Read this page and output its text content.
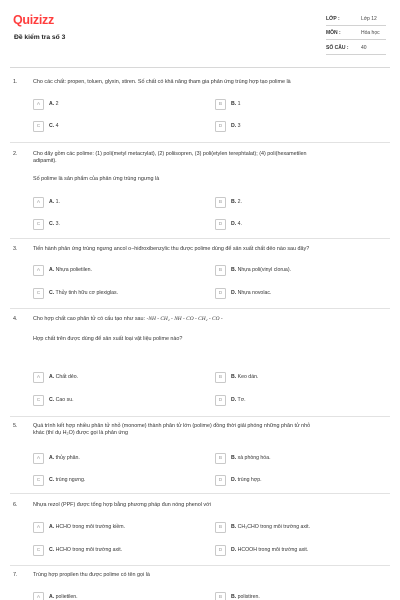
Quizizz
Đề kiểm tra số 3
LỚP :	Lớp 12
MÔN :	Hóa học
SỐ CÂU :	40
1.	Cho các chất: propen, toluen, glyxin, stiren. Số chất có khả năng tham gia phản ứng trùng hợp tạo polime là
A	A. 2	B	B. 1
C	C. 4	D	D. 3
2.	Cho dãy gồm các polime: (1) poli(metyl metacrylat), (2) poliisopren, (3) poli(etylen terephtalat); (4) poli(hexametilen
adipamit).
Số polime là sản phẩm của phản ứng trùng ngưng là
A	A. 1.	B	B. 2.
C	C. 3.	D	D. 4.
3.	Tiến hành phản ứng trùng ngưng ancol o−hiđroxibenzylic thu được polime dùng để sản xuất chất dẻo nào sau đây?
A	A. Nhựa polietilen.	B	B. Nhựa poli(vinyl clorua).
C	C. Thủy tinh hữu cơ plexiglas.	D	D. Nhựa novolac.
4.	Cho hợp chất cao phân tử có cấu tạo như sau: -NH - CH₂ - NH - CO - CH₂ - CO -
Hợp chất trên được dùng để sản xuất loại vật liệu polime nào?
A	A. Chất dẻo.	B	B. Keo dán.
C	C. Cao su.	D	D. Tơ.
5.	Quá trình kết hợp nhiều phân tử nhỏ (monome) thành phân tử lớn (polime) đồng thời giải phóng những phân tử nhỏ
khác (thí dụ H₂O) được gọi là phản ứng
A	A. thủy phân.	B	B. xà phòng hóa.
C	C. trùng ngưng.	D	D. trùng hợp.
6.	Nhựa rezol (PPF) được tổng hợp bằng phương pháp đun nóng phenol với
A	A. HCHO trong môi trường kiềm.	B	B. CH₃CHO trong môi trường axit.
C	C. HCHO trong môi trường axit.	D	D. HCOOH trong môi trường axit.
7.	Trùng hợp propilen thu được polime có tên gọi là
A	A. polietilen.	B	B. polistiren.
